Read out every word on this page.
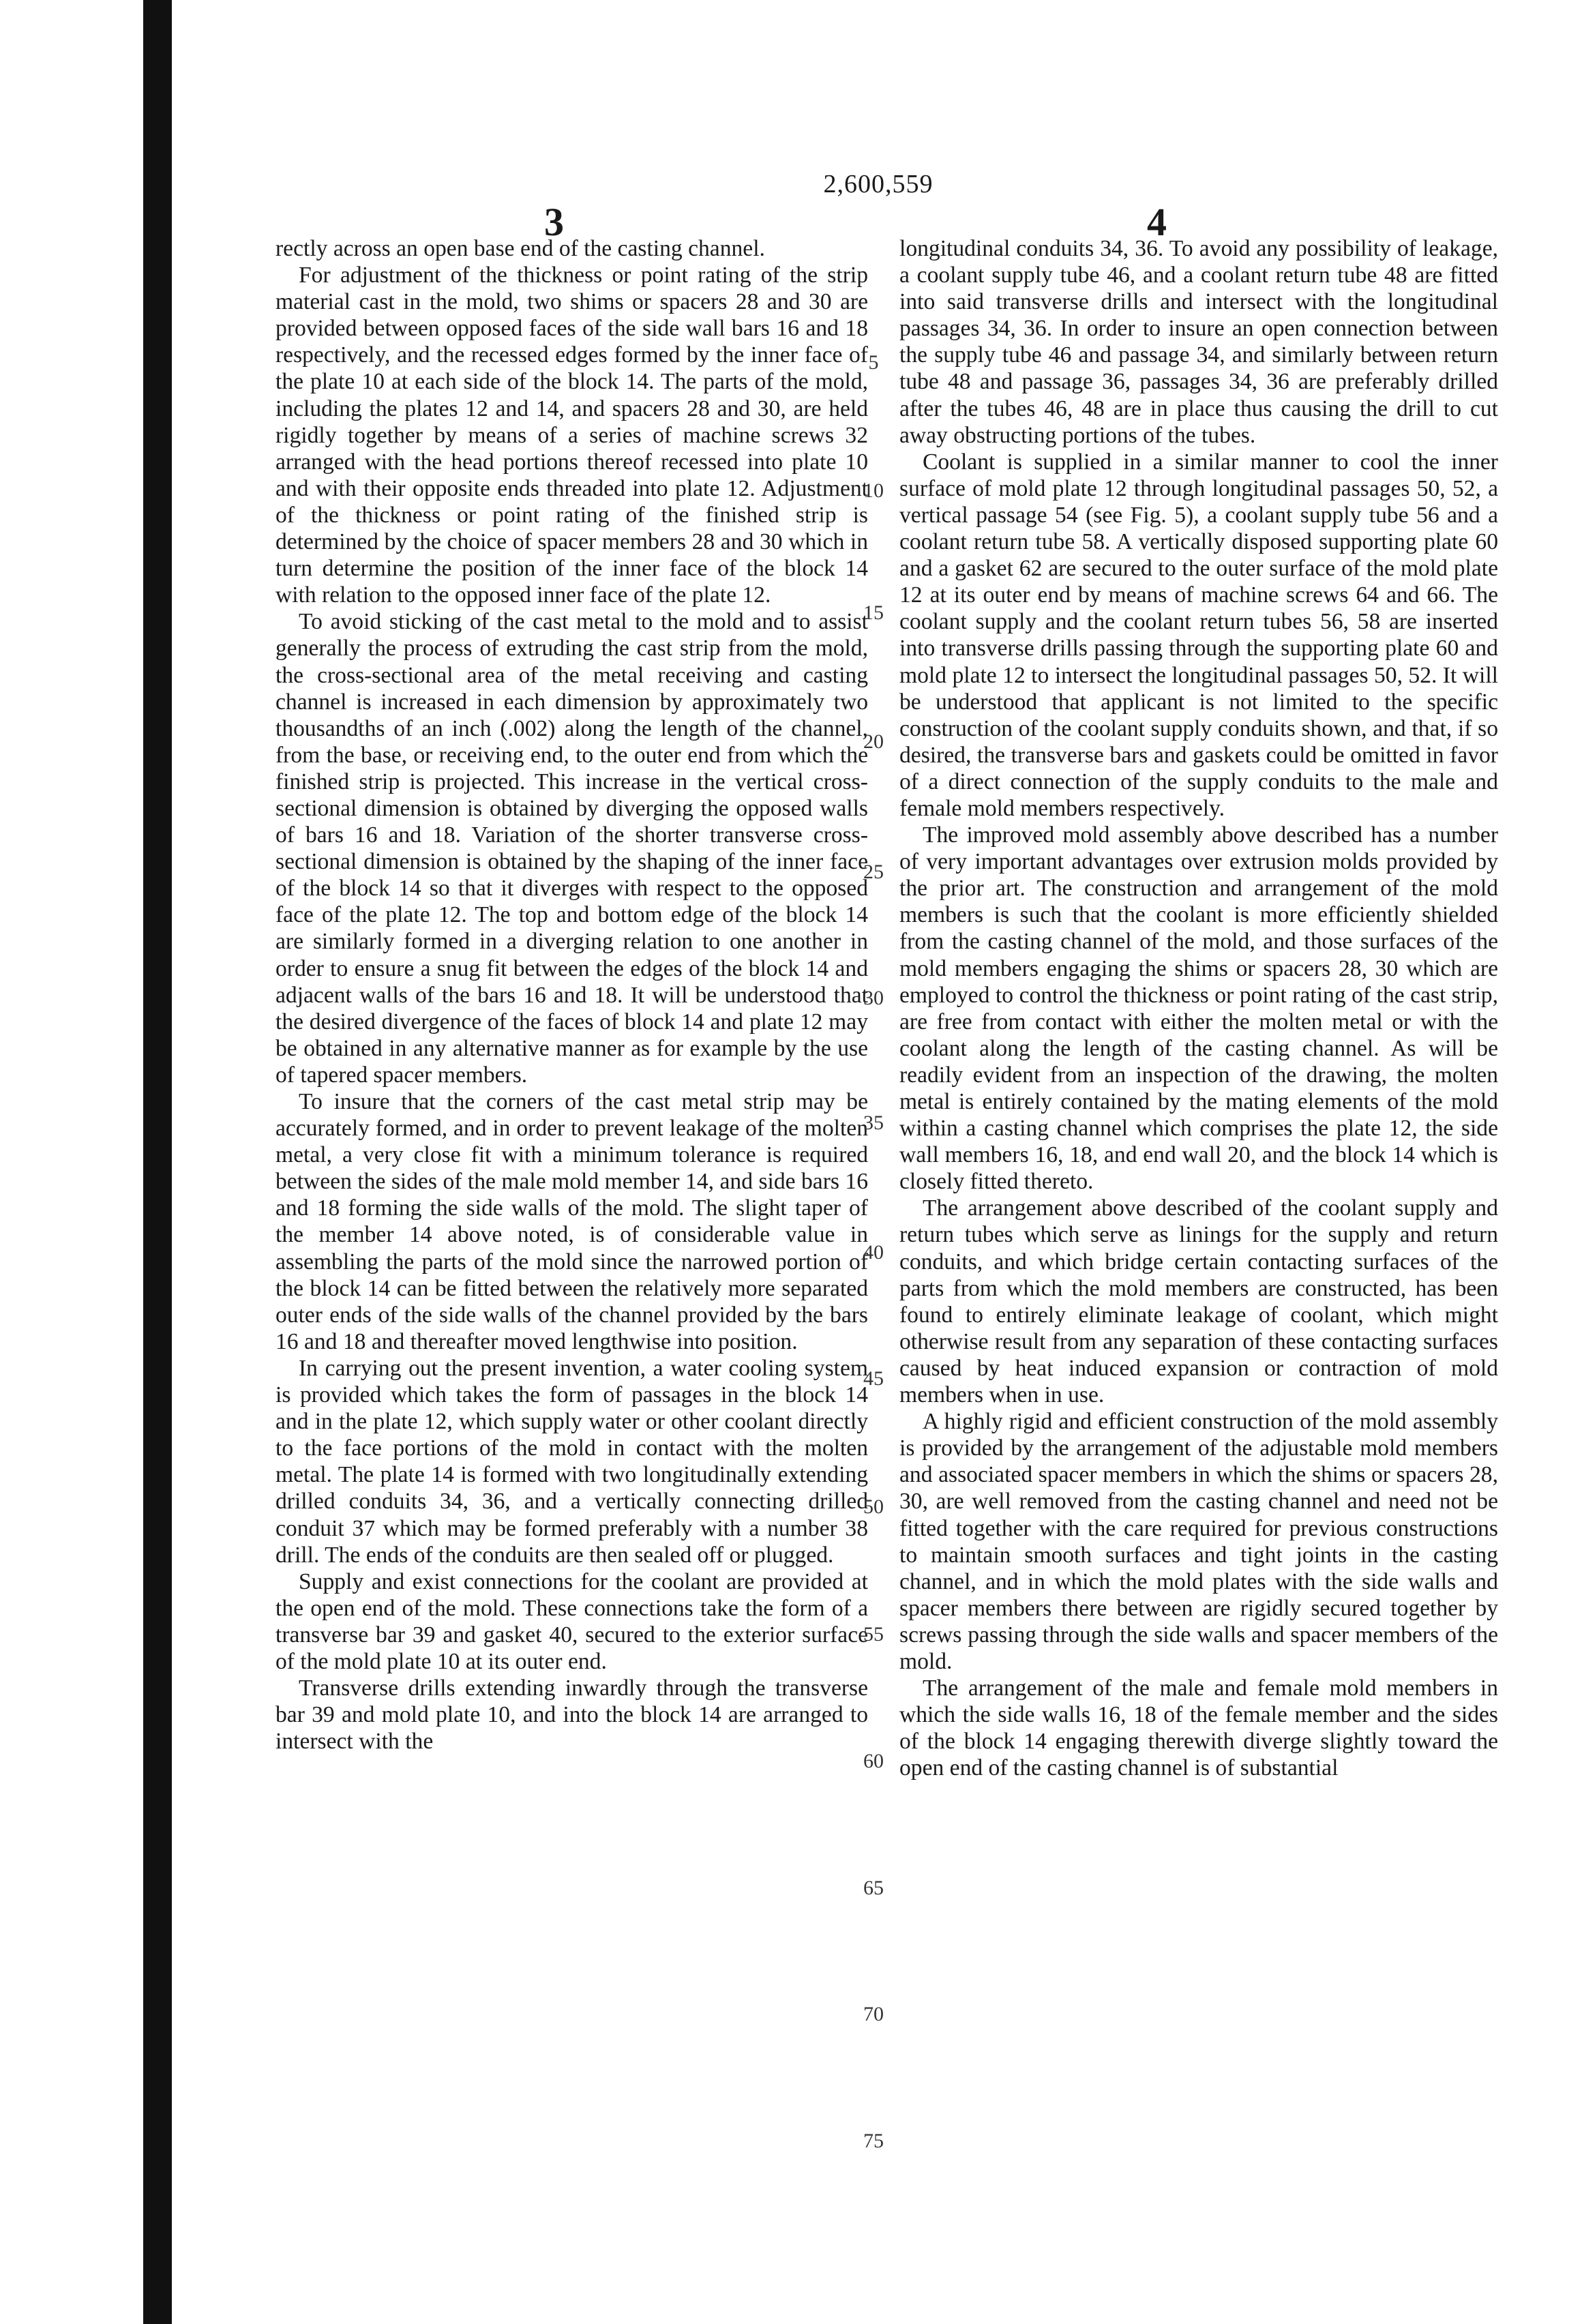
2,600,559
3	4

rectly across an open base end of the casting channel.

For adjustment of the thickness or point rating of the strip material cast in the mold, two shims or spacers 28 and 30 are provided between opposed faces of the side wall bars 16 and 18 respectively, and the recessed edges formed by the inner face of the plate 10 at each side of the block 14. The parts of the mold, including the plates 12 and 14, and spacers 28 and 30, are held rigidly together by means of a series of machine screws 32 arranged with the head portions thereof recessed into plate 10 and with their opposite ends threaded into plate 12. Adjustment of the thickness or point rating of the finished strip is determined by the choice of spacer members 28 and 30 which in turn determine the position of the inner face of the block 14 with relation to the opposed inner face of the plate 12.

To avoid sticking of the cast metal to the mold and to assist generally the process of extruding the cast strip from the mold, the cross-sectional area of the metal receiving and casting channel is increased in each dimension by approximately two thousandths of an inch (.002) along the length of the channel, from the base, or receiving end, to the outer end from which the finished strip is projected. This increase in the vertical cross-sectional dimension is obtained by diverging the opposed walls of bars 16 and 18. Variation of the shorter transverse cross-sectional dimension is obtained by the shaping of the inner face of the block 14 so that it diverges with respect to the opposed face of the plate 12. The top and bottom edge of the block 14 are similarly formed in a diverging relation to one another in order to ensure a snug fit between the edges of the block 14 and adjacent walls of the bars 16 and 18. It will be understood that the desired divergence of the faces of block 14 and plate 12 may be obtained in any alternative manner as for example by the use of tapered spacer members.

To insure that the corners of the cast metal strip may be accurately formed, and in order to prevent leakage of the molten metal, a very close fit with a minimum tolerance is required between the sides of the male mold member 14, and side bars 16 and 18 forming the side walls of the mold. The slight taper of the member 14 above noted, is of considerable value in assembling the parts of the mold since the narrowed portion of the block 14 can be fitted between the relatively more separated outer ends of the side walls of the channel provided by the bars 16 and 18 and thereafter moved lengthwise into position.

In carrying out the present invention, a water cooling system is provided which takes the form of passages in the block 14 and in the plate 12, which supply water or other coolant directly to the face portions of the mold in contact with the molten metal. The plate 14 is formed with two longitudinally extending drilled conduits 34, 36, and a vertically connecting drilled conduit 37 which may be formed preferably with a number 38 drill. The ends of the conduits are then sealed off or plugged.

Supply and exist connections for the coolant are provided at the open end of the mold. These connections take the form of a transverse bar 39 and gasket 40, secured to the exterior surface of the mold plate 10 at its outer end.

Transverse drills extending inwardly through the transverse bar 39 and mold plate 10, and into the block 14 are arranged to intersect with the

5
10
15
20
25
30
35
40
45
50
55
60
65
70
75

longitudinal conduits 34, 36. To avoid any possibility of leakage, a coolant supply tube 46, and a coolant return tube 48 are fitted into said transverse drills and intersect with the longitudinal passages 34, 36. In order to insure an open connection between the supply tube 46 and passage 34, and similarly between return tube 48 and passage 36, passages 34, 36 are preferably drilled after the tubes 46, 48 are in place thus causing the drill to cut away obstructing portions of the tubes.

Coolant is supplied in a similar manner to cool the inner surface of mold plate 12 through longitudinal passages 50, 52, a vertical passage 54 (see Fig. 5), a coolant supply tube 56 and a coolant return tube 58. A vertically disposed supporting plate 60 and a gasket 62 are secured to the outer surface of the mold plate 12 at its outer end by means of machine screws 64 and 66. The coolant supply and the coolant return tubes 56, 58 are inserted into transverse drills passing through the supporting plate 60 and mold plate 12 to intersect the longitudinal passages 50, 52. It will be understood that applicant is not limited to the specific construction of the coolant supply conduits shown, and that, if so desired, the transverse bars and gaskets could be omitted in favor of a direct connection of the supply conduits to the male and female mold members respectively.

The improved mold assembly above described has a number of very important advantages over extrusion molds provided by the prior art. The construction and arrangement of the mold members is such that the coolant is more efficiently shielded from the casting channel of the mold, and those surfaces of the mold members engaging the shims or spacers 28, 30 which are employed to control the thickness or point rating of the cast strip, are free from contact with either the molten metal or with the coolant along the length of the casting channel. As will be readily evident from an inspection of the drawing, the molten metal is entirely contained by the mating elements of the mold within a casting channel which comprises the plate 12, the side wall members 16, 18, and end wall 20, and the block 14 which is closely fitted thereto.

The arrangement above described of the coolant supply and return tubes which serve as linings for the supply and return conduits, and which bridge certain contacting surfaces of the parts from which the mold members are constructed, has been found to entirely eliminate leakage of coolant, which might otherwise result from any separation of these contacting surfaces caused by heat induced expansion or contraction of mold members when in use.

A highly rigid and efficient construction of the mold assembly is provided by the arrangement of the adjustable mold members and associated spacer members in which the shims or spacers 28, 30, are well removed from the casting channel and need not be fitted together with the care required for previous constructions to maintain smooth surfaces and tight joints in the casting channel, and in which the mold plates with the side walls and spacer members there between are rigidly secured together by screws passing through the side walls and spacer members of the mold.

The arrangement of the male and female mold members in which the side walls 16, 18 of the female member and the sides of the block 14 engaging therewith diverge slightly toward the open end of the casting channel is of substantial
